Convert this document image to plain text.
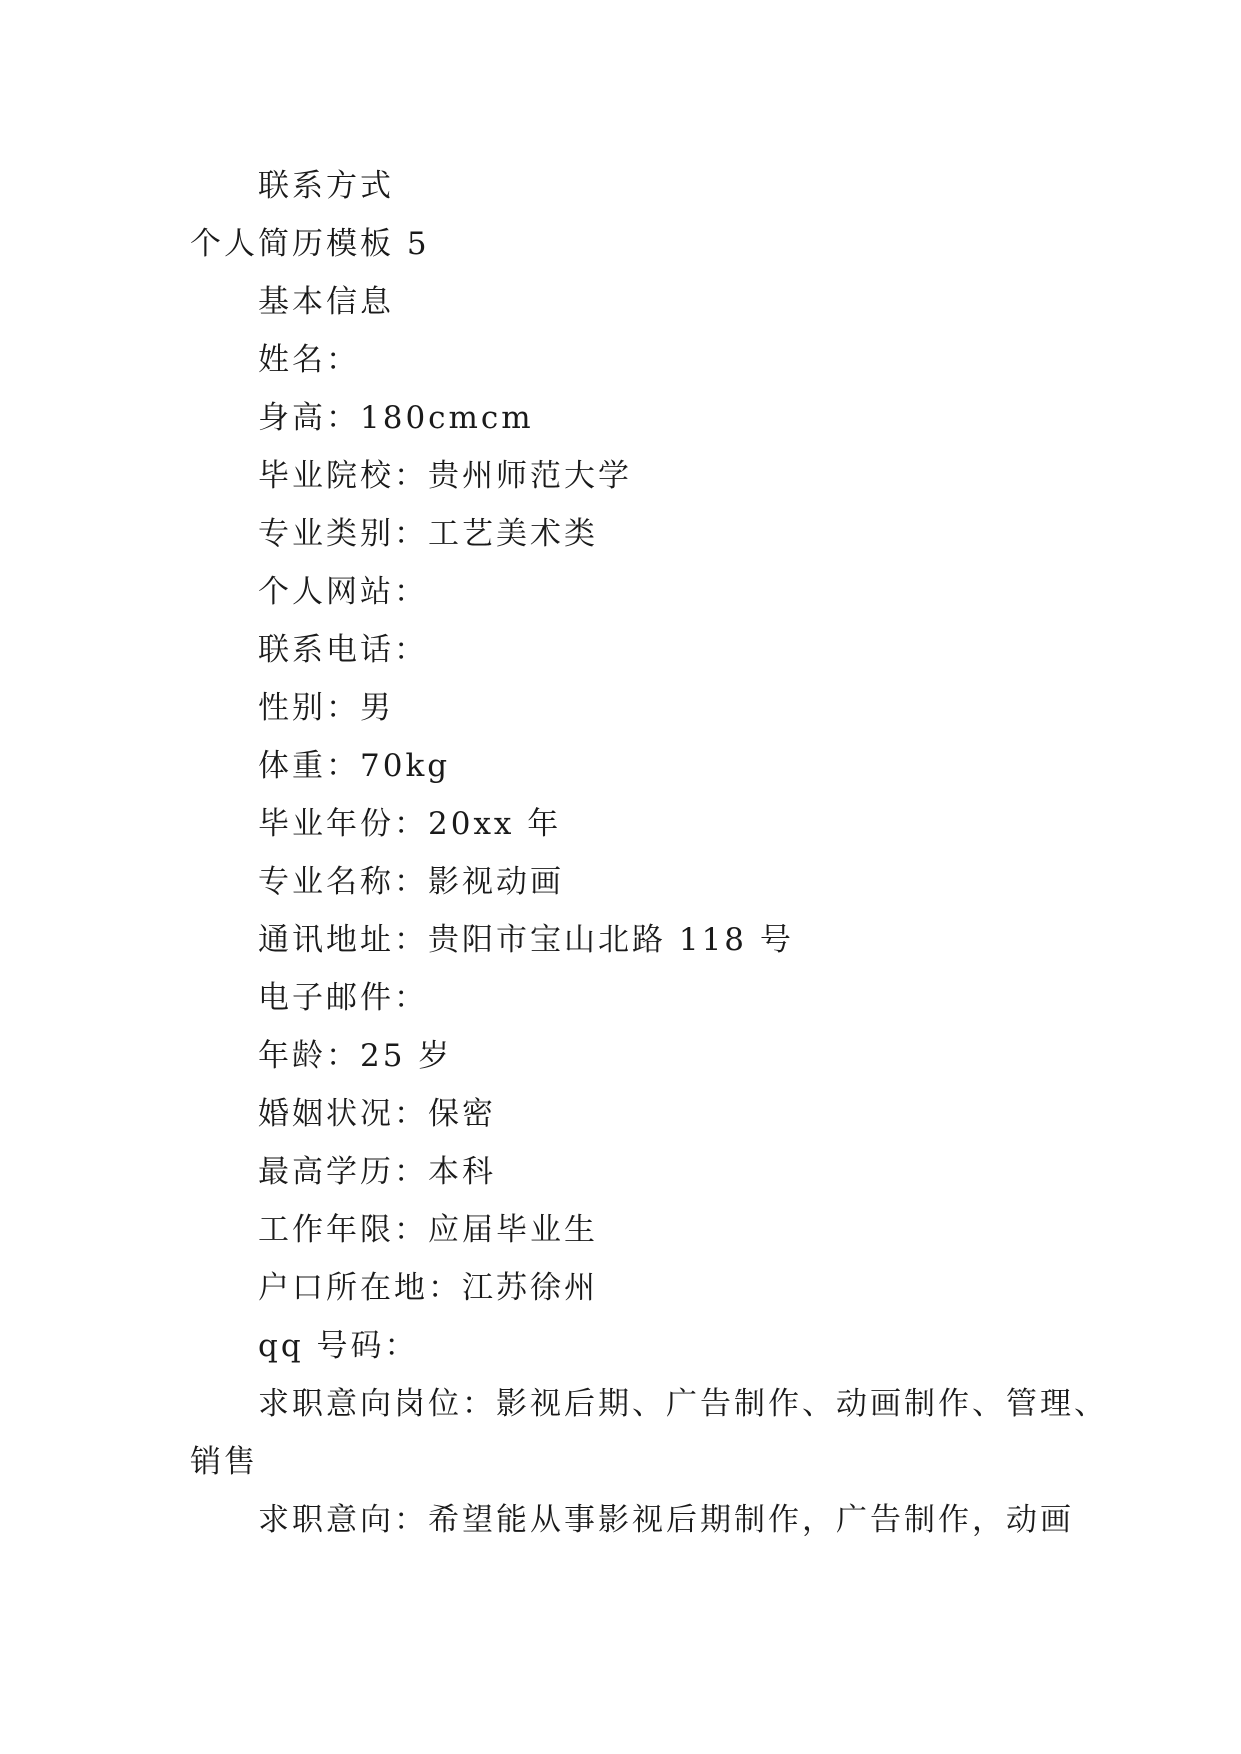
联系方式

个人简历模板 5

基本信息

姓名：

身高：180cmcm

毕业院校：贵州师范大学

专业类别：工艺美术类

个人网站：

联系电话：

性别：男

体重：70kg

毕业年份：20xx 年

专业名称：影视动画

通讯地址：贵阳市宝山北路 118 号

电子邮件：

年龄：25 岁

婚姻状况：保密

最高学历：本科

工作年限：应届毕业生

户口所在地：江苏徐州

qq 号码：

求职意向岗位：影视后期、广告制作、动画制作、管理、

销售

求职意向：希望能从事影视后期制作，广告制作，动画
